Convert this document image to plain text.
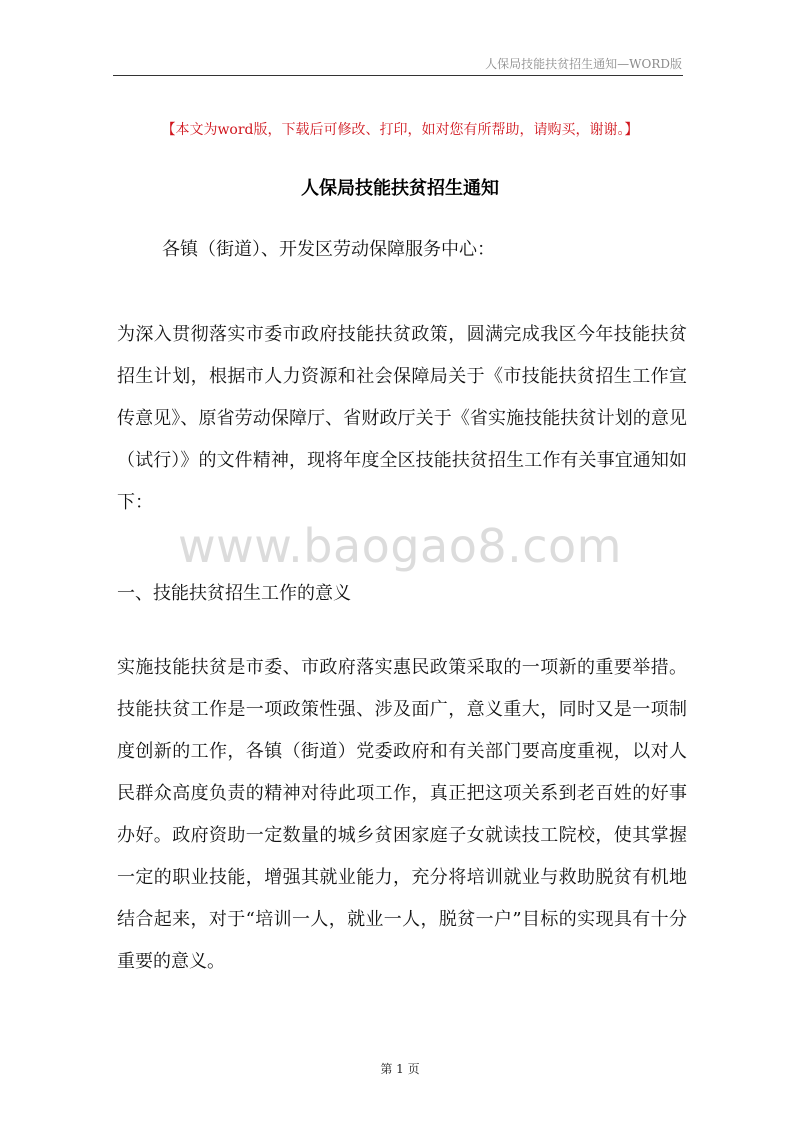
人保局技能扶贫招生通知—WORD版
【本文为word版，下载后可修改、打印，如对您有所帮助，请购买，谢谢。】
人保局技能扶贫招生通知

各镇（街道）、开发区劳动保障服务中心：

为深入贯彻落实市委市政府技能扶贫政策，圆满完成我区今年技能扶贫招生计划，根据市人力资源和社会保障局关于《市技能扶贫招生工作宣传意见》、原省劳动保障厅、省财政厅关于《省实施技能扶贫计划的意见（试行）》的文件精神，现将年度全区技能扶贫招生工作有关事宜通知如下：

www.baogao8.com

一、技能扶贫招生工作的意义

实施技能扶贫是市委、市政府落实惠民政策采取的一项新的重要举措。技能扶贫工作是一项政策性强、涉及面广，意义重大，同时又是一项制度创新的工作，各镇（街道）党委政府和有关部门要高度重视，以对人民群众高度负责的精神对待此项工作，真正把这项关系到老百姓的好事办好。政府资助一定数量的城乡贫困家庭子女就读技工院校，使其掌握一定的职业技能，增强其就业能力，充分将培训就业与救助脱贫有机地结合起来，对于“培训一人，就业一人，脱贫一户”目标的实现具有十分重要的意义。

第 1 页
